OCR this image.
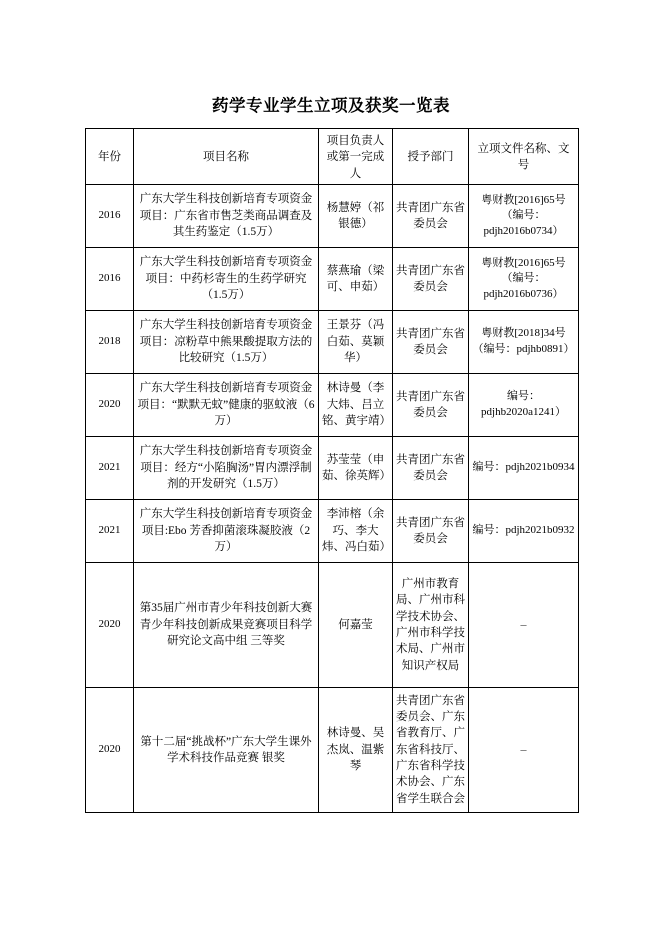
药学专业学生立项及获奖一览表
年份	项目名称	项目负责人或第一完成人	授予部门	立项文件名称、文号
2016	广东大学生科技创新培育专项资金项目：广东省市售芝类商品调查及其生药鉴定（1.5万）	杨慧婷（祁银德）	共青团广东省委员会	粤财教[2016]65号（编号：pdjh2016b0734）
2016	广东大学生科技创新培育专项资金项目：中药杉寄生的生药学研究（1.5万）	蔡燕瑜（梁可、申茹）	共青团广东省委员会	粤财教[2016]65号（编号：pdjh2016b0736）
2018	广东大学生科技创新培育专项资金项目：凉粉草中熊果酸提取方法的比较研究（1.5万）	王景芬（冯白茹、莫颖华）	共青团广东省委员会	粤财教[2018]34号（编号：pdjhb0891）
2020	广东大学生科技创新培育专项资金项目：“默默无蚊”健康的驱蚊液（6万）	林诗曼（李大炜、吕立铭、黄宇靖）	共青团广东省委员会	编号：pdjhb2020a1241）
2021	广东大学生科技创新培育专项资金项目：经方“小陷胸汤”胃内漂浮制剂的开发研究（1.5万）	苏莹莹（申茹、徐英辉）	共青团广东省委员会	编号：pdjh2021b0934
2021	广东大学生科技创新培育专项资金项目:Ebo 芳香抑菌滚珠凝胶液（2万）	李沛榕（余巧、李大炜、冯白茹）	共青团广东省委员会	编号：pdjh2021b0932
2020	第35届广州市青少年科技创新大赛青少年科技创新成果竞赛项目科学研究论文高中组 三等奖	何嘉莹	广州市教育局、广州市科学技术协会、广州市科学技术局、广州市知识产权局	–
2020	第十二届“挑战杯”广东大学生课外学术科技作品竞赛 银奖	林诗曼、吴杰岚、温紫琴	共青团广东省委员会、广东省教育厅、广东省科技厅、广东省科学技术协会、广东省学生联合会	–
